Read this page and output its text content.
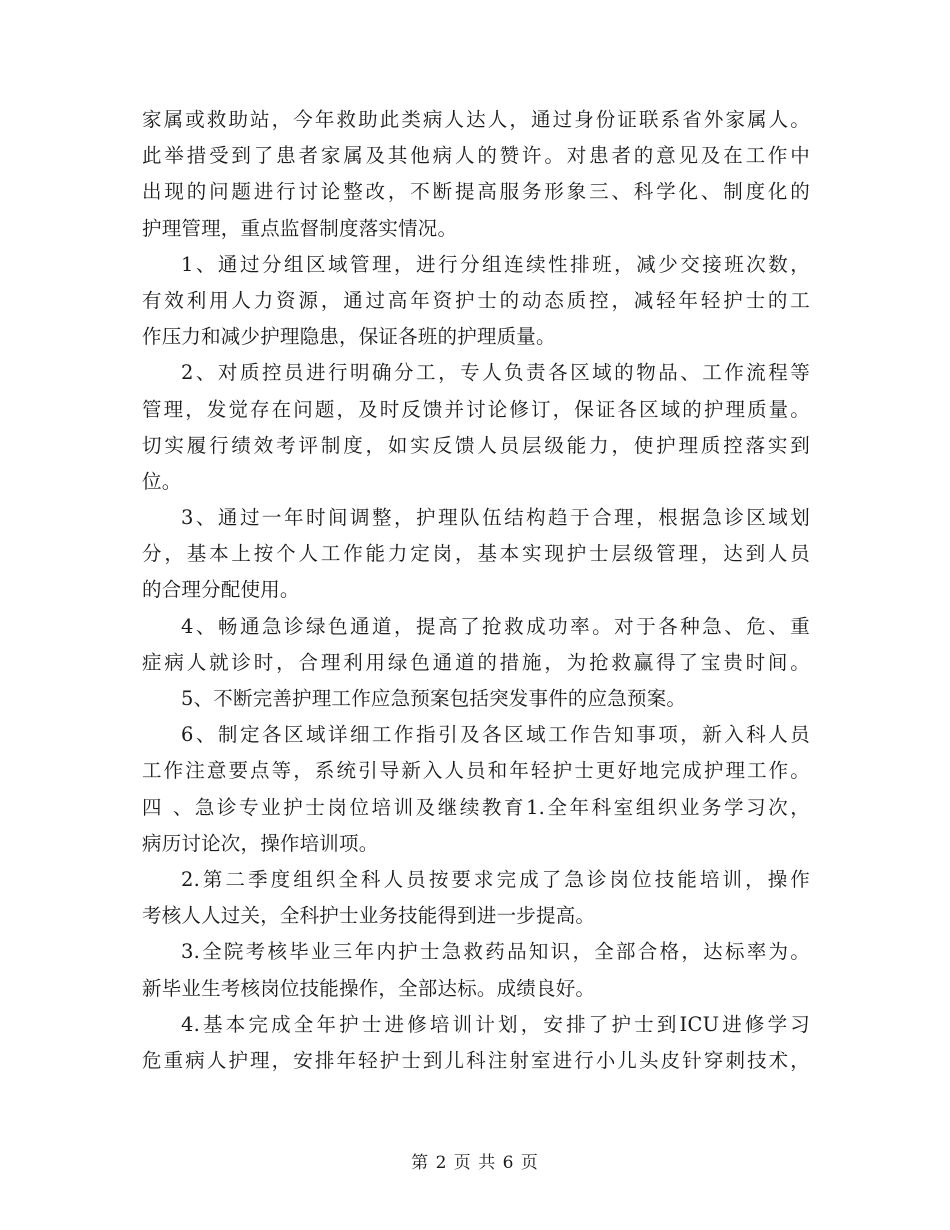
家属或救助站，今年救助此类病人达人，通过身份证联系省外家属人。
此举措受到了患者家属及其他病人的赞许。对患者的意见及在工作中
出现的问题进行讨论整改，不断提高服务形象三、科学化、制度化的
护理管理，重点监督制度落实情况。
1、通过分组区域管理，进行分组连续性排班，减少交接班次数，
有效利用人力资源，通过高年资护士的动态质控，减轻年轻护士的工
作压力和减少护理隐患，保证各班的护理质量。
2、对质控员进行明确分工，专人负责各区域的物品、工作流程等
管理，发觉存在问题，及时反馈并讨论修订，保证各区域的护理质量。
切实履行绩效考评制度，如实反馈人员层级能力，使护理质控落实到
位。
3、通过一年时间调整，护理队伍结构趋于合理，根据急诊区域划
分，基本上按个人工作能力定岗，基本实现护士层级管理，达到人员
的合理分配使用。
4、畅通急诊绿色通道，提高了抢救成功率。对于各种急、危、重
症病人就诊时，合理利用绿色通道的措施，为抢救赢得了宝贵时间。
5、不断完善护理工作应急预案包括突发事件的应急预案。
6、制定各区域详细工作指引及各区域工作告知事项，新入科人员
工作注意要点等，系统引导新入人员和年轻护士更好地完成护理工作。
四 、急诊专业护士岗位培训及继续教育1.全年科室组织业务学习次，
病历讨论次，操作培训项。
2.第二季度组织全科人员按要求完成了急诊岗位技能培训，操作
考核人人过关，全科护士业务技能得到进一步提高。
3.全院考核毕业三年内护士急救药品知识，全部合格，达标率为。
新毕业生考核岗位技能操作，全部达标。成绩良好。
4.基本完成全年护士进修培训计划，安排了护士到ICU进修学习
危重病人护理，安排年轻护士到儿科注射室进行小儿头皮针穿刺技术，
第 2 页 共 6 页
